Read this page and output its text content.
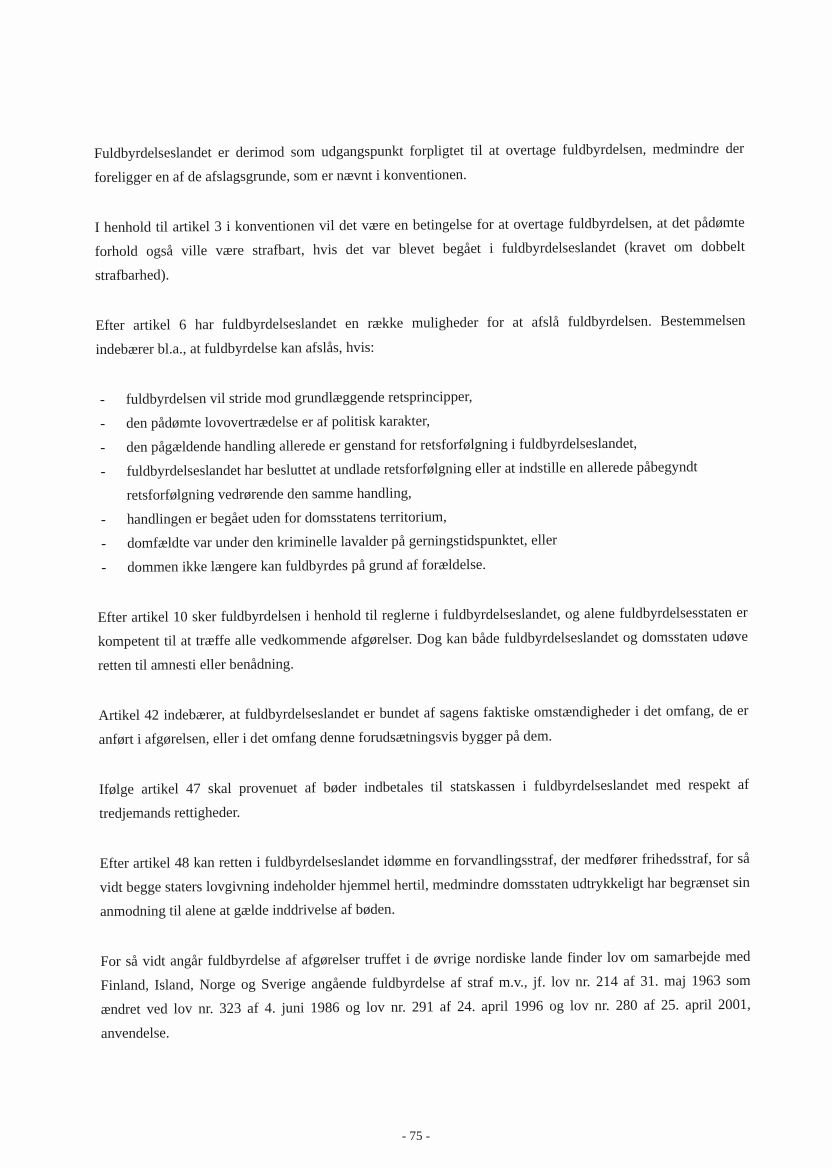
Fuldbyrdelseslandet er derimod som udgangspunkt forpligtet til at overtage fuldbyrdelsen, medmindre der foreligger en af de afslagsgrunde, som er nævnt i konventionen.

I henhold til artikel 3 i konventionen vil det være en betingelse for at overtage fuldbyrdelsen, at det pådømte forhold også ville være strafbart, hvis det var blevet begået i fuldbyrdelseslandet (kravet om dobbelt strafbarhed).

Efter artikel 6 har fuldbyrdelseslandet en række muligheder for at afslå fuldbyrdelsen. Bestemmelsen indebærer bl.a., at fuldbyrdelse kan afslås, hvis:

- fuldbyrdelsen vil stride mod grundlæggende retsprincipper,
- den pådømte lovovertrædelse er af politisk karakter,
- den pågældende handling allerede er genstand for retsforfølgning i fuldbyrdelseslandet,
- fuldbyrdelseslandet har besluttet at undlade retsforfølgning eller at indstille en allerede påbegyndt retsforfølgning vedrørende den samme handling,
- handlingen er begået uden for domsstatens territorium,
- domfældte var under den kriminelle lavalder på gerningstidspunktet, eller
- dommen ikke længere kan fuldbyrdes på grund af forældelse.

Efter artikel 10 sker fuldbyrdelsen i henhold til reglerne i fuldbyrdelseslandet, og alene fuldbyrdelsesstaten er kompetent til at træffe alle vedkommende afgørelser. Dog kan både fuldbyrdelseslandet og domsstaten udøve retten til amnesti eller benådning.

Artikel 42 indebærer, at fuldbyrdelseslandet er bundet af sagens faktiske omstændigheder i det omfang, de er anført i afgørelsen, eller i det omfang denne forudsætningsvis bygger på dem.

Ifølge artikel 47 skal provenuet af bøder indbetales til statskassen i fuldbyrdelseslandet med respekt af tredjemands rettigheder.

Efter artikel 48 kan retten i fuldbyrdelseslandet idømme en forvandlingsstraf, der medfører frihedsstraf, for så vidt begge staters lovgivning indeholder hjemmel hertil, medmindre domsstaten udtrykkeligt har begrænset sin anmodning til alene at gælde inddrivelse af bøden.

For så vidt angår fuldbyrdelse af afgørelser truffet i de øvrige nordiske lande finder lov om samarbejde med Finland, Island, Norge og Sverige angående fuldbyrdelse af straf m.v., jf. lov nr. 214 af 31. maj 1963 som ændret ved lov nr. 323 af 4. juni 1986 og lov nr. 291 af 24. april 1996 og lov nr. 280 af 25. april 2001, anvendelse.

- 75 -
